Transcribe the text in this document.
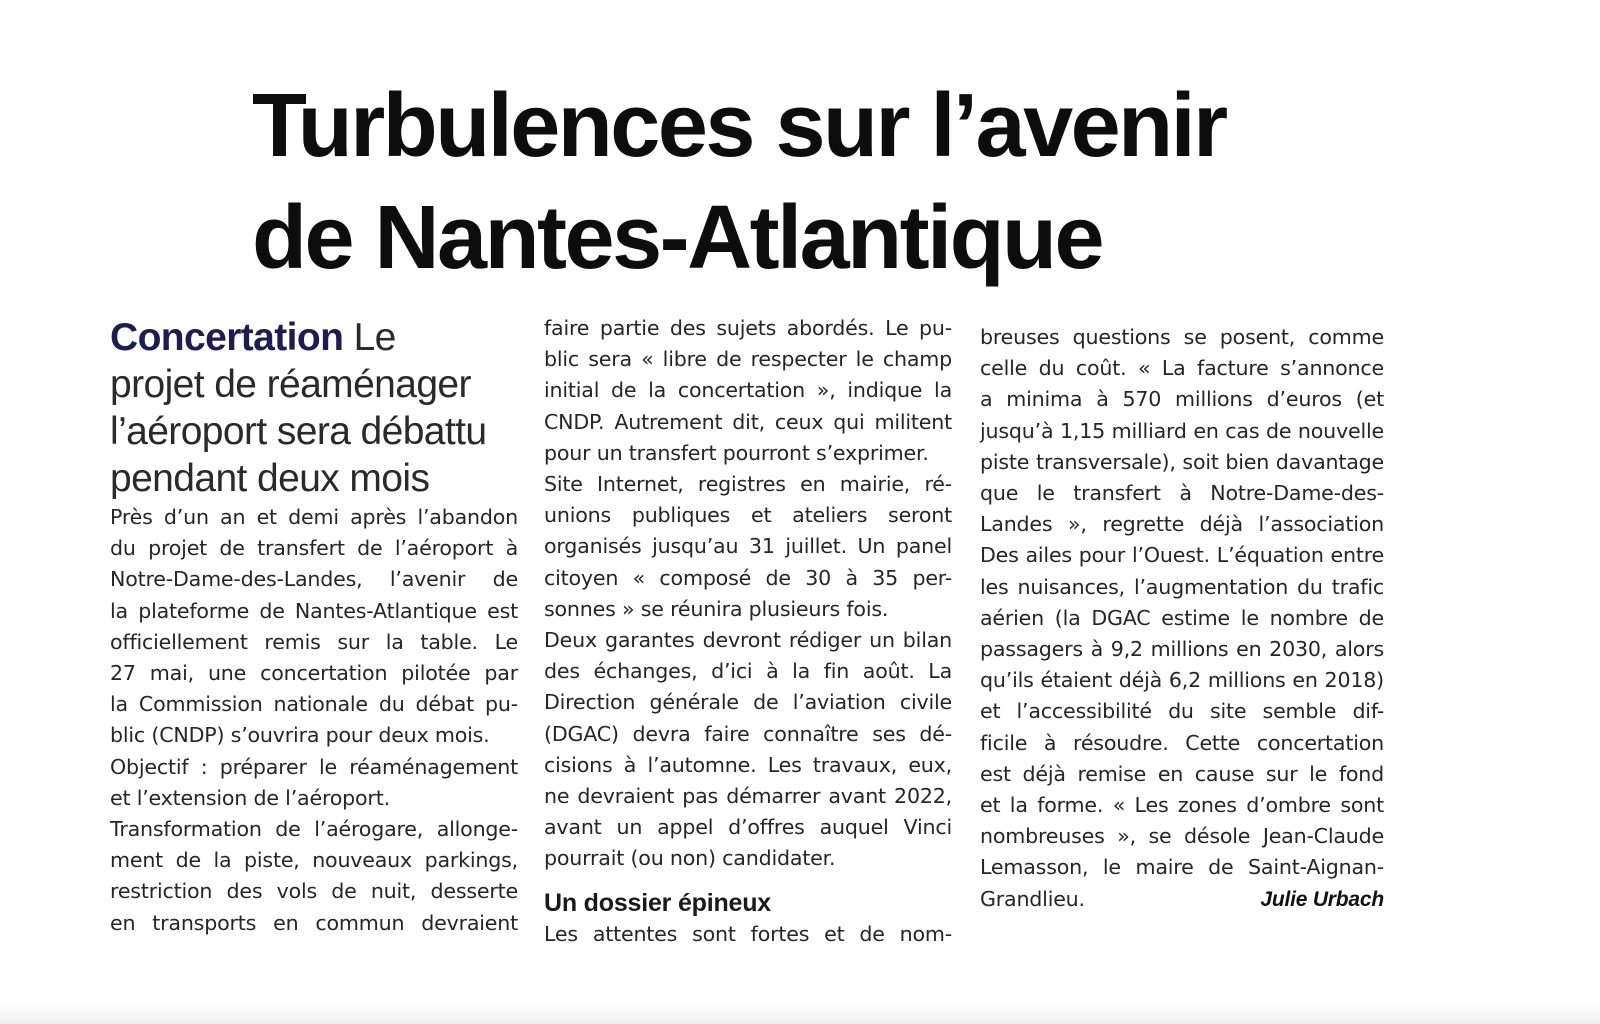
Turbulences sur l’avenir
de Nantes-Atlantique

Concertation Le
projet de réaménager
l’aéroport sera débattu
pendant deux mois

Près d’un an et demi après l’abandon
du projet de transfert de l’aéroport à
Notre-Dame-des-Landes, l’avenir de
la plateforme de Nantes-Atlantique est
officiellement remis sur la table. Le
27 mai, une concertation pilotée par
la Commission nationale du débat pu-
blic (CNDP) s’ouvrira pour deux mois.
Objectif : préparer le réaménagement
et l’extension de l’aéroport.
Transformation de l’aérogare, allonge-
ment de la piste, nouveaux parkings,
restriction des vols de nuit, desserte
en transports en commun devraient

faire partie des sujets abordés. Le pu-
blic sera « libre de respecter le champ
initial de la concertation », indique la
CNDP. Autrement dit, ceux qui militent
pour un transfert pourront s’exprimer.
Site Internet, registres en mairie, ré-
unions publiques et ateliers seront
organisés jusqu’au 31 juillet. Un panel
citoyen « composé de 30 à 35 per-
sonnes » se réunira plusieurs fois.
Deux garantes devront rédiger un bilan
des échanges, d’ici à la fin août. La
Direction générale de l’aviation civile
(DGAC) devra faire connaître ses dé-
cisions à l’automne. Les travaux, eux,
ne devraient pas démarrer avant 2022,
avant un appel d’offres auquel Vinci
pourrait (ou non) candidater.

Un dossier épineux

Les attentes sont fortes et de nom-

breuses questions se posent, comme
celle du coût. « La facture s’annonce
a minima à 570 millions d’euros (et
jusqu’à 1,15 milliard en cas de nouvelle
piste transversale), soit bien davantage
que le transfert à Notre-Dame-des-
Landes », regrette déjà l’association
Des ailes pour l’Ouest. L’équation entre
les nuisances, l’augmentation du trafic
aérien (la DGAC estime le nombre de
passagers à 9,2 millions en 2030, alors
qu’ils étaient déjà 6,2 millions en 2018)
et l’accessibilité du site semble dif-
ficile à résoudre. Cette concertation
est déjà remise en cause sur le fond
et la forme. « Les zones d’ombre sont
nombreuses », se désole Jean-Claude
Lemasson, le maire de Saint-Aignan-

Grandlieu.	Julie Urbach
